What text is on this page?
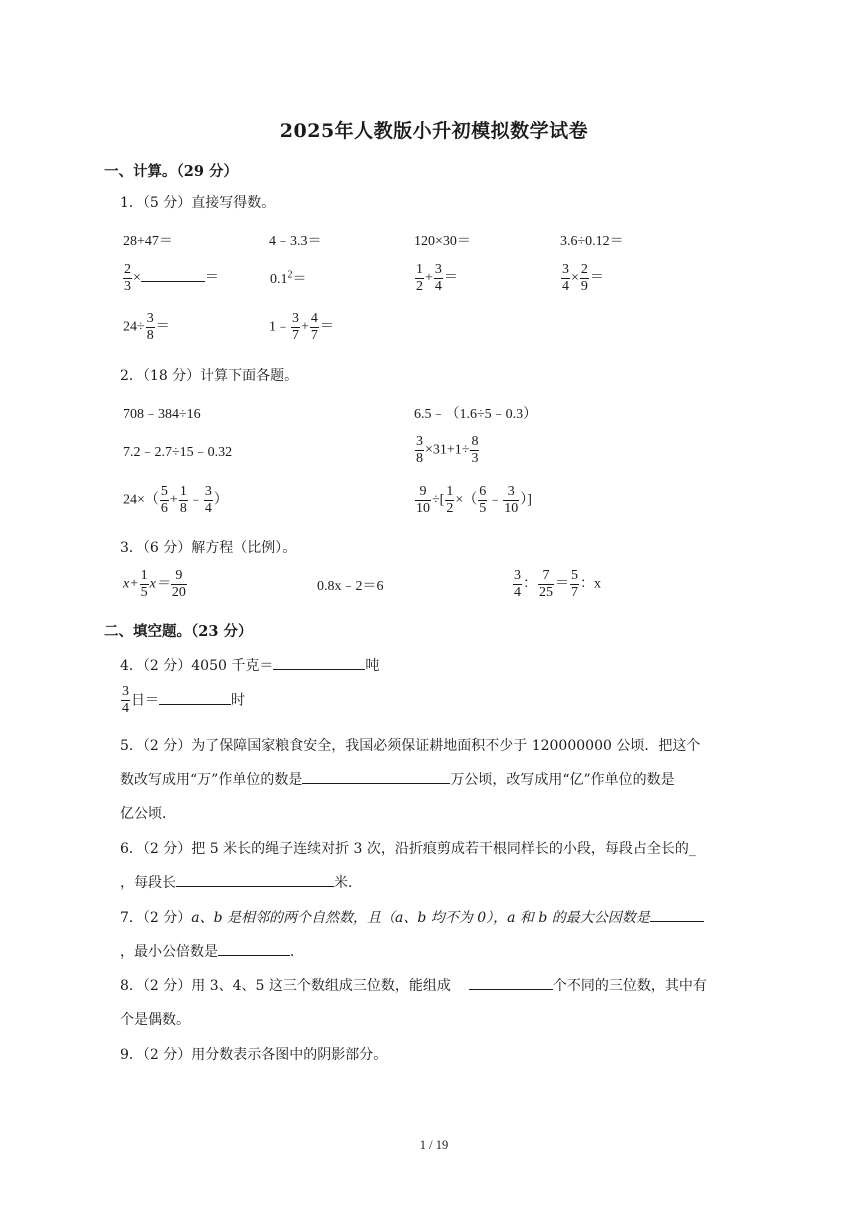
2025年人教版小升初模拟数学试卷
一、计算。（29 分）
1．（5 分）直接写得数。
28+47＝	4﹣3.3＝	120×30＝	3.6÷0.12＝
$\frac{2}{3}$ ×	＝	$0.1^2=$	$\frac{1}{2} + \frac{3}{4}$ ＝	$\frac{3}{4} \times \frac{2}{9}$ ＝
$24\div \frac{3}{8}$ ＝	1﹣ $\frac{3}{7} + \frac{4}{7}$ ＝
2．（18 分）计算下面各题。
708﹣384÷16	6.5﹣（1.6÷5﹣0.3）
7.2﹣2.7÷15﹣0.32	$\frac{3}{8} \times 31+1\div \frac{8}{3}$
$24\times( \frac{5}{6} + \frac{1}{8}$ ﹣ $\frac{3}{4}$ ）	$\frac{9}{10}$ ÷[ $\frac{1}{2}$ ×（ $\frac{6}{5}$ ﹣ $\frac{3}{10}$ ）]
3．（6 分）解方程（比例）。
$x+ \frac{1}{5} x= \frac{9}{20}$	0.8x﹣2＝6	$\frac{3}{4}$ ： $\frac{7}{25} = \frac{5}{7}$ ：x
二、填空题。（23 分）
4．（2 分）4050 千克＝	吨
$\frac{3}{4}$ 日＝	时
5．（2 分）为了保障国家粮食安全，我国必须保证耕地面积不少于 120000000 公顷．把这个
数改写成用“万”作单位的数是	万公顷，改写成用“亿”作单位的数是
亿公顷．
6．（2 分）把 5 米长的绳子连续对折 3 次，沿折痕剪成若干根同样长的小段，每段占全长的_
，每段长	米．
7．（2 分）a、b 是相邻的两个自然数，且（a、b 均不为 0），a 和 b 的最大公因数是
，最小公倍数是	．
8．（2 分）用 3、4、5 这三个数组成三位数，能组成	个不同的三位数，其中有
个是偶数。
9．（2 分）用分数表示各图中的阴影部分。
1 / 19
